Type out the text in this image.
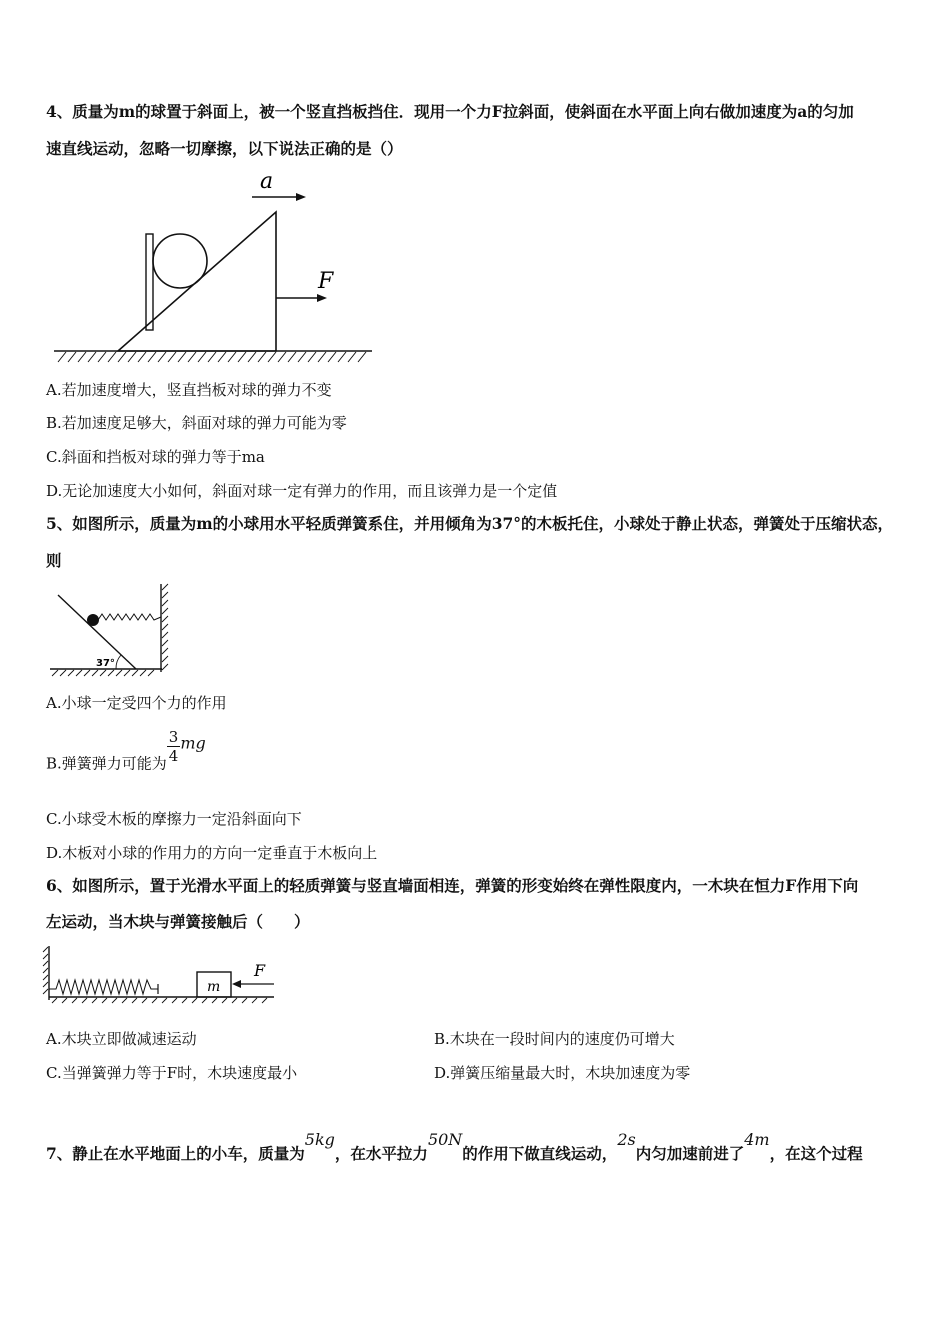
4、质量为m的球置于斜面上，被一个竖直挡板挡住．现用一个力F拉斜面，使斜面在水平面上向右做加速度为a的匀加
速直线运动，忽略一切摩擦，以下说法正确的是（）
a
F
A.若加速度增大，竖直挡板对球的弹力不变
B.若加速度足够大，斜面对球的弹力可能为零
C.斜面和挡板对球的弹力等于ma
D.无论加速度大小如何，斜面对球一定有弹力的作用，而且该弹力是一个定值
5、如图所示，质量为m的小球用水平轻质弹簧系住，并用倾角为37°的木板托住，小球处于静止状态，弹簧处于压缩状态，
则
37°
A.小球一定受四个力的作用
B.弹簧弹力可能为 $\frac{3}{4}$ mg
C.小球受木板的摩擦力一定沿斜面向下
D.木板对小球的作用力的方向一定垂直于木板向上
6、如图所示，置于光滑水平面上的轻质弹簧与竖直墙面相连，弹簧的形变始终在弹性限度内，一木块在恒力F作用下向
左运动，当木块与弹簧接触后（　　）
m
F
A.木块立即做减速运动	B.木块在一段时间内的速度仍可增大
C.当弹簧弹力等于F时，木块速度最小	D.弹簧压缩量最大时，木块加速度为零
7、静止在水平地面上的小车，质量为5kg，在水平拉力50N的作用下做直线运动，2s内匀加速前进了4m，在这个过程
